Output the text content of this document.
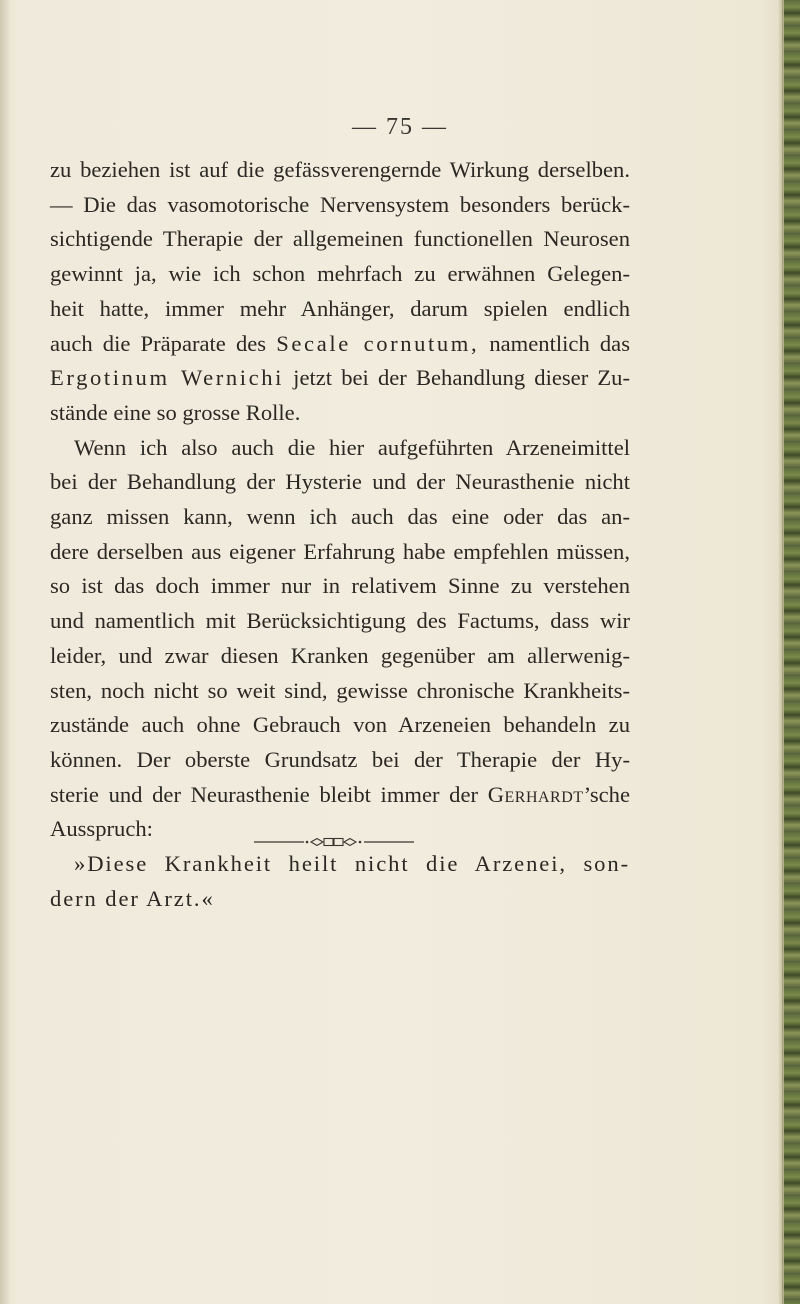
— 75 —
zu beziehen ist auf die gefässverengernde Wirkung derselben.
— Die das vasomotorische Nervensystem besonders berück-
sichtigende Therapie der allgemeinen functionellen Neurosen
gewinnt ja, wie ich schon mehrfach zu erwähnen Gelegen-
heit hatte, immer mehr Anhänger, darum spielen endlich
auch die Präparate des Secale cornutum, namentlich das
Ergotinum Wernichi jetzt bei der Behandlung dieser Zu-
stände eine so grosse Rolle.
Wenn ich also auch die hier aufgeführten Arzeneimittel
bei der Behandlung der Hysterie und der Neurasthenie nicht
ganz missen kann, wenn ich auch das eine oder das an-
dere derselben aus eigener Erfahrung habe empfehlen müssen,
so ist das doch immer nur in relativem Sinne zu verstehen
und namentlich mit Berücksichtigung des Factums, dass wir
leider, und zwar diesen Kranken gegenüber am allerwenig-
sten, noch nicht so weit sind, gewisse chronische Krankheits-
zustände auch ohne Gebrauch von Arzeneien behandeln zu
können. Der oberste Grundsatz bei der Therapie der Hy-
sterie und der Neurasthenie bleibt immer der Gerhardt’sche
Ausspruch:
»Diese Krankheit heilt nicht die Arzenei, son-
dern der Arzt.«
